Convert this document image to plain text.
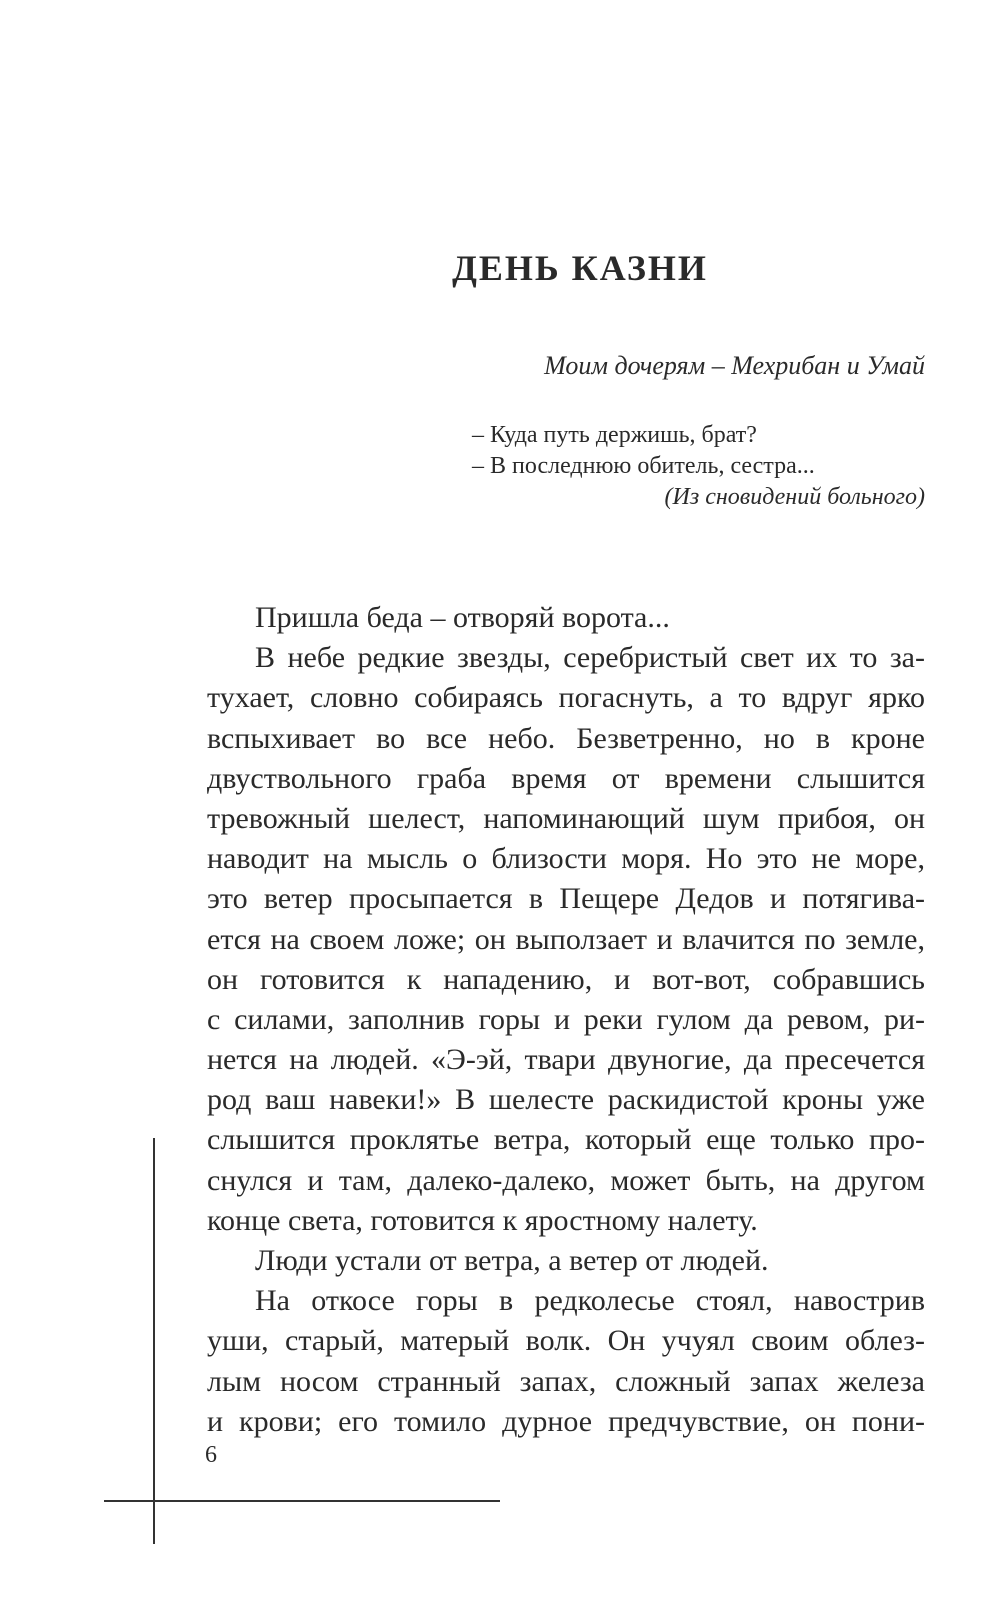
ДЕНЬ КАЗНИ
Моим дочерям – Мехрибан и Умай
– Куда путь держишь, брат?
– В последнюю обитель, сестра...
(Из сновидений больного)
Пришла беда – отворяй ворота...
В небе редкие звезды, серебристый свет их то за-
тухает, словно собираясь погаснуть, а то вдруг ярко
вспыхивает во все небо. Безветренно, но в кроне
двуствольного граба время от времени слышится
тревожный шелест, напоминающий шум прибоя, он
наводит на мысль о близости моря. Но это не море,
это ветер просыпается в Пещере Дедов и потягива-
ется на своем ложе; он выползает и влачится по земле,
он готовится к нападению, и вот-вот, собравшись
с силами, заполнив горы и реки гулом да ревом, ри-
нется на людей. «Э-эй, твари двуногие, да пресечется
род ваш навеки!» В шелесте раскидистой кроны уже
слышится проклятье ветра, который еще только про-
снулся и там, далеко-далеко, может быть, на другом
конце света, готовится к яростному налету.
Люди устали от ветра, а ветер от людей.
На откосе горы в редколесье стоял, навострив
уши, старый, матерый волк. Он учуял своим облез-
лым носом странный запах, сложный запах железа
и крови; его томило дурное предчувствие, он пони-
6
